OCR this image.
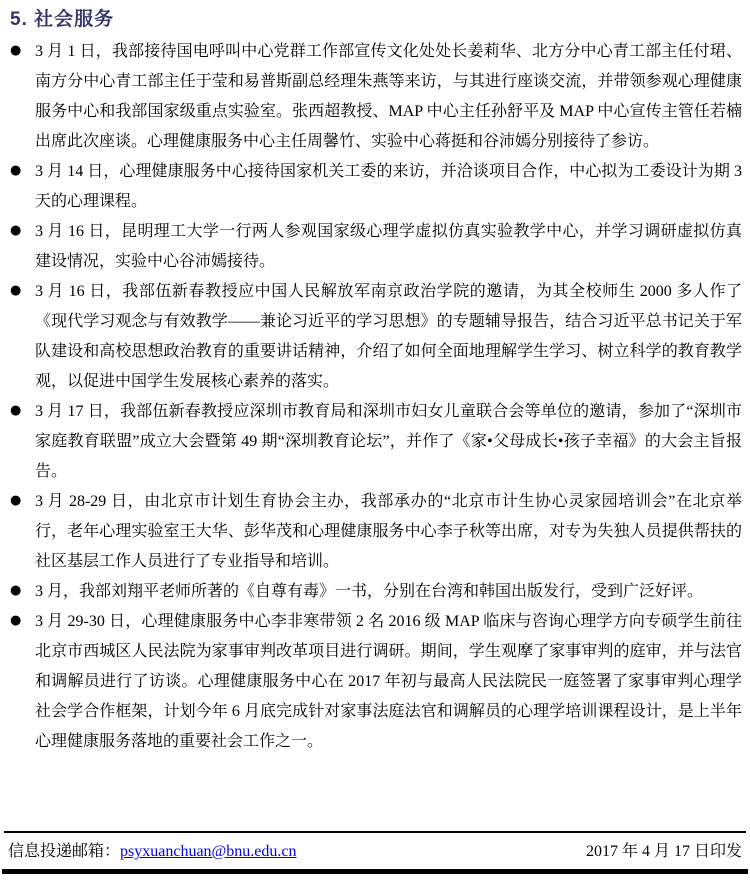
5. 社会服务
● 3 月 1 日，我部接待国电呼叫中心党群工作部宣传文化处处长姜莉华、北方分中心青工部主任付珺、南方分中心青工部主任于莹和易普斯副总经理朱燕等来访，与其进行座谈交流，并带领参观心理健康服务中心和我部国家级重点实验室。张西超教授、MAP 中心主任孙舒平及 MAP 中心宣传主管任若楠出席此次座谈。心理健康服务中心主任周馨竹、实验中心蒋挺和谷沛嫣分别接待了参访。
● 3 月 14 日，心理健康服务中心接待国家机关工委的来访，并洽谈项目合作，中心拟为工委设计为期 3 天的心理课程。
● 3 月 16 日，昆明理工大学一行两人参观国家级心理学虚拟仿真实验教学中心，并学习调研虚拟仿真建设情况，实验中心谷沛嫣接待。
● 3 月 16 日，我部伍新春教授应中国人民解放军南京政治学院的邀请，为其全校师生 2000 多人作了《现代学习观念与有效教学——兼论习近平的学习思想》的专题辅导报告，结合习近平总书记关于军队建设和高校思想政治教育的重要讲话精神，介绍了如何全面地理解学生学习、树立科学的教育教学观，以促进中国学生发展核心素养的落实。
● 3 月 17 日，我部伍新春教授应深圳市教育局和深圳市妇女儿童联合会等单位的邀请，参加了“深圳市家庭教育联盟”成立大会暨第 49 期“深圳教育论坛”，并作了《家•父母成长•孩子幸福》的大会主旨报告。
● 3 月 28-29 日，由北京市计划生育协会主办，我部承办的“北京市计生协心灵家园培训会”在北京举行，老年心理实验室王大华、彭华茂和心理健康服务中心李子秋等出席，对专为失独人员提供帮扶的社区基层工作人员进行了专业指导和培训。
● 3 月，我部刘翔平老师所著的《自尊有毒》一书，分别在台湾和韩国出版发行，受到广泛好评。
● 3 月 29-30 日，心理健康服务中心李非寒带领 2 名 2016 级 MAP 临床与咨询心理学方向专硕学生前往北京市西城区人民法院为家事审判改革项目进行调研。期间，学生观摩了家事审判的庭审，并与法官和调解员进行了访谈。心理健康服务中心在 2017 年初与最高人民法院民一庭签署了家事审判心理学社会学合作框架，计划今年 6 月底完成针对家事法庭法官和调解员的心理学培训课程设计，是上半年心理健康服务落地的重要社会工作之一。
信息投递邮箱：psyxuanchuan@bnu.edu.cn	2017 年 4 月 17 日印发
